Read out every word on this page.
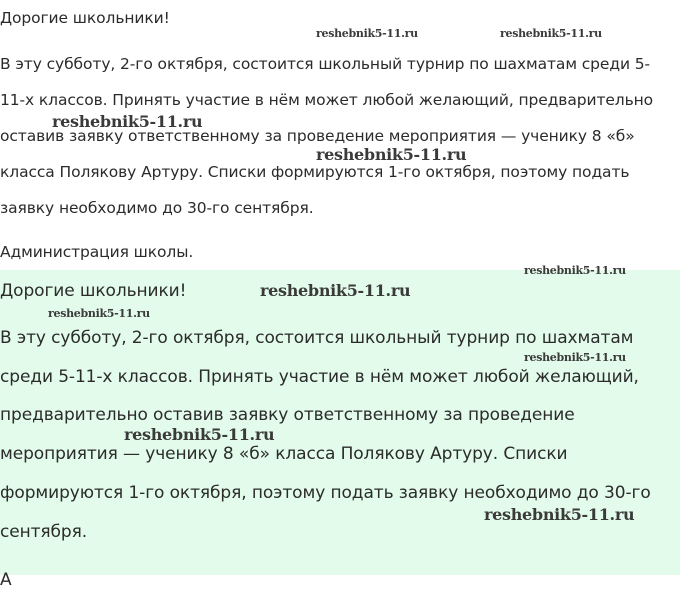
Дорогие школьники!
В эту субботу, 2-го октября, состоится школьный турнир по шахматам среди 5-
11-х классов. Принять участие в нём может любой желающий, предварительно
оставив заявку ответственному за проведение мероприятия — ученику 8 «б»
класса Полякову Артуру. Списки формируются 1-го октября, поэтому подать
заявку необходимо до 30-го сентября.
Администрация школы.
Дорогие школьники!
В эту субботу, 2-го октября, состоится школьный турнир по шахматам
среди 5-11-х классов. Принять участие в нём может любой желающий,
предварительно оставив заявку ответственному за проведение
мероприятия — ученику 8 «б» класса Полякову Артуру. Списки
формируются 1-го октября, поэтому подать заявку необходимо до 30-го
сентября.
А
reshebnik5-11.ru	reshebnik5-11.ru
reshebnik5-11.ru
reshebnik5-11.ru
reshebnik5-11.ru
reshebnik5-11.ru
reshebnik5-11.ru
reshebnik5-11.ru
reshebnik5-11.ru
reshebnik5-11.ru
